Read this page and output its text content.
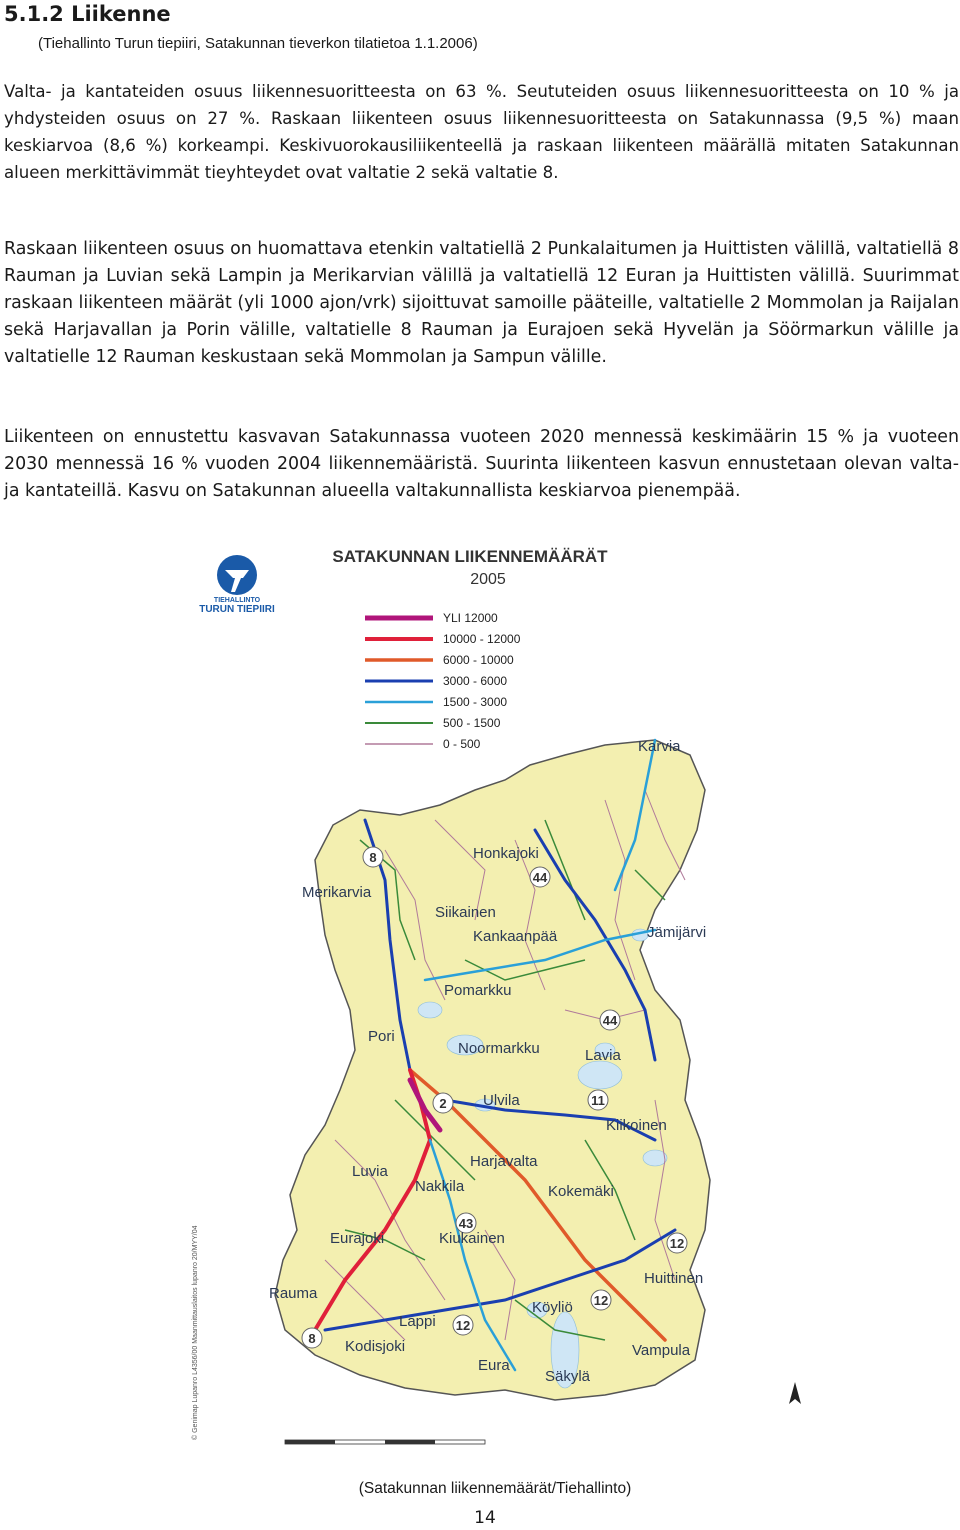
5.1.2 Liikenne
(Tiehallinto Turun tiepiiri, Satakunnan tieverkon tilatietoa 1.1.2006)

Valta- ja kantateiden osuus liikennesuoritteesta on 63 %. Seututeiden osuus liikennesuoritteesta on 10 % ja yhdysteiden osuus on 27 %. Raskaan liikenteen osuus liikennesuoritteesta on Satakunnassa (9,5 %) maan keskiarvoa (8,6 %) korkeampi. Keskivuorokausiliikenteellä ja raskaan liikenteen määrällä mitaten Satakunnan alueen merkittävimmät tieyhteydet ovat valtatie 2 sekä valtatie 8.

Raskaan liikenteen osuus on huomattava etenkin valtatiellä 2 Punkalaitumen ja Huittisten välillä, valtatiellä 8 Rauman ja Luvian sekä Lampin ja Merikarvian välillä ja valtatiellä 12 Euran ja Huittisten välillä. Suurimmat raskaan liikenteen määrät (yli 1000 ajon/vrk) sijoittuvat samoille pääteille, valtatielle 2 Mommolan ja Raijalan sekä Harjavallan ja Porin välille, valtatielle 8 Rauman ja Eurajoen sekä Hyvelän ja Söörmarkun välille ja valtatielle 12 Rauman keskustaan sekä Mommolan ja Sampun välille.

Liikenteen on ennustettu kasvavan Satakunnassa vuoteen 2020 mennessä keskimäärin 15 % ja vuoteen 2030 mennessä 16 % vuoden 2004 liikennemääristä. Suurinta liikenteen kasvun ennustetaan olevan valta- ja kantateillä. Kasvu on Satakunnan alueella valtakunnallista keskiarvoa pienempää.

TIEHALLINTO
TURUN TIEPIIRI
SATAKUNNAN LIIKENNEMÄÄRÄT
2005
YLI 12000
10000 - 12000
6000 - 10000
3000 - 6000
1500 - 3000
500 - 1500
0 - 500
8
44
44
2	11
43
12
12
12
8
Karvia
Honkajoki
Merikarvia
Siikainen
Kankaanpää	Jämijärvi
Pomarkku
Pori
Noormarkku	Lavia
Ulvila
Kiikoinen
Luvia
Harjavalta
Nakkila	Kokemäki
Eurajoki	Kiukainen
Huittinen
Rauma
Köyliö
Lappi
Kodisjoki
Eura
Säkylä
Vampula
© Genimap Lupanro L4356/00 Maanmittauslaitos lupanro 20/MYY/04
(Satakunnan liikennemäärät/Tiehallinto)
14
